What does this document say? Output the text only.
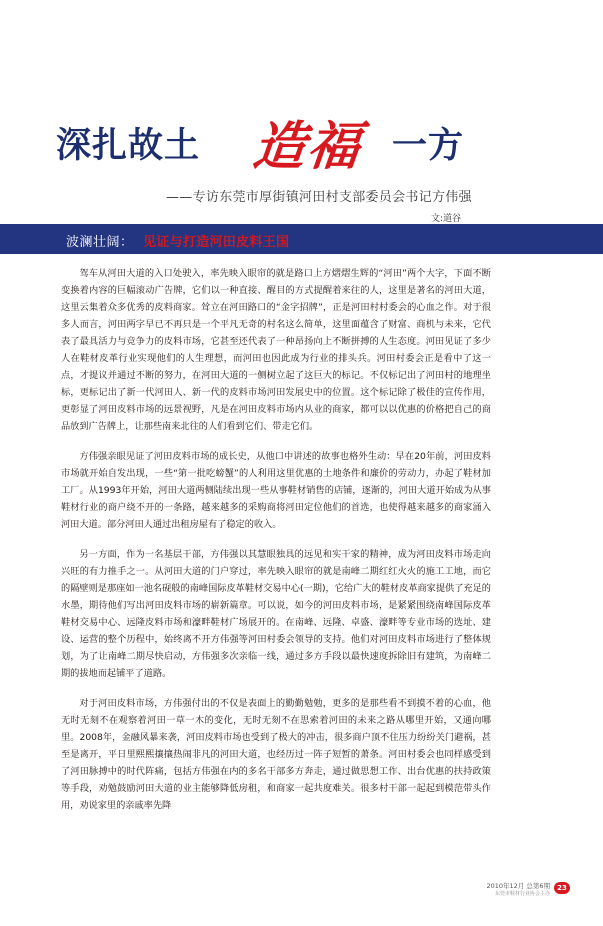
深扎故土 造福 一方
——专访东莞市厚街镇河田村支部委员会书记方伟强
文:道谷
波澜壮阔： 见证与打造河田皮料王国

驾车从河田大道的入口处驶入，率先映入眼帘的就是路口上方熠熠生辉的“河田”两个大字，下面不断变换着内容的巨幅滚动广告牌，它们以一种直接、醒目的方式提醒着来往的人，这里是著名的河田大道，这里云集着众多优秀的皮料商家。耸立在河田路口的“金字招牌”，正是河田村村委会的心血之作。对于很多人而言，河田两字早已不再只是一个平凡无奇的村名这么简单，这里面蕴含了财富、商机与未来，它代表了最具活力与竞争力的皮料市场，它甚至还代表了一种昂扬向上不断拼搏的人生态度。河田见证了多少人在鞋材皮革行业实现他们的人生理想，而河田也因此成为行业的排头兵。河田村委会正是看中了这一点，才提议并通过不断的努力，在河田大道的一侧树立起了这巨大的标记。不仅标记出了河田村的地理坐标，更标记出了新一代河田人、新一代的皮料市场河田发展史中的位置。这个标记除了极佳的宣传作用，更彰显了河田皮料市场的远景视野，凡是在河田皮料市场内从业的商家，都可以以优惠的价格把自己的商品放到广告牌上，让那些南来北往的人们看到它们、带走它们。

方伟强亲眼见证了河田皮料市场的成长史，从他口中讲述的故事也格外生动：早在20年前，河田皮料市场就开始自发出现，一些“第一批吃螃蟹”的人利用这里优惠的土地条件和廉价的劳动力，办起了鞋材加工厂。从1993年开始，河田大道两侧陆续出现一些从事鞋材销售的店铺，逐渐的，河田大道开始成为从事鞋材行业的商户绕不开的一条路，越来越多的采购商将河田定位他们的首选，也使得越来越多的商家涌入河田大道。部分河田人通过出租房屋有了稳定的收入。

另一方面，作为一名基层干部，方伟强以其慧眼独具的远见和实干家的精神，成为河田皮料市场走向兴旺的有力推手之一。从河田大道的门户穿过，率先映入眼帘的就是南峰二期红红火火的施工工地，而它的隔壁则是那座如一池名砚般的南峰国际皮革鞋材交易中心(一期)，它给广大的鞋材皮革商家提供了充足的水墨，期待他们写出河田皮料市场的崭新篇章。可以说，如今的河田皮料市场，是紧紧围绕南峰国际皮革鞋材交易中心、远隆皮料市场和濠畔鞋材广场展开的。在南峰、远隆、卓盛、濠畔等专业市场的选址、建设、运营的整个历程中，始终离不开方伟强等河田村委会领导的支持。他们对河田皮料市场进行了整体规划，为了让南峰二期尽快启动，方伟强多次亲临一线，通过多方手段以最快速度拆除旧有建筑，为南峰二期的拔地而起铺平了道路。

对于河田皮料市场，方伟强付出的不仅是表面上的勤勤勉勉，更多的是那些看不到摸不着的心血，他无时无刻不在观察着河田一草一木的变化，无时无刻不在思索着河田的未来之路从哪里开始，又通向哪里。2008年，金融风暴来袭，河田皮料市场也受到了极大的冲击，很多商户顶不住压力纷纷关门避祸，甚至是离开，平日里熙熙攘攘热闹非凡的河田大道，也经历过一阵子短暂的萧条。河田村委会也同样感受到了河田脉搏中的时代阵痛，包括方伟强在内的多名干部多方奔走，通过做思想工作、出台优惠的扶持政策等手段，劝勉鼓励河田大道的业主能够降低房租，和商家一起共度难关。很多村干部一起起到模范带头作用，劝说家里的亲戚率先降

2010年12月 总第6期
东莞市鞋材行业协会主办
23
